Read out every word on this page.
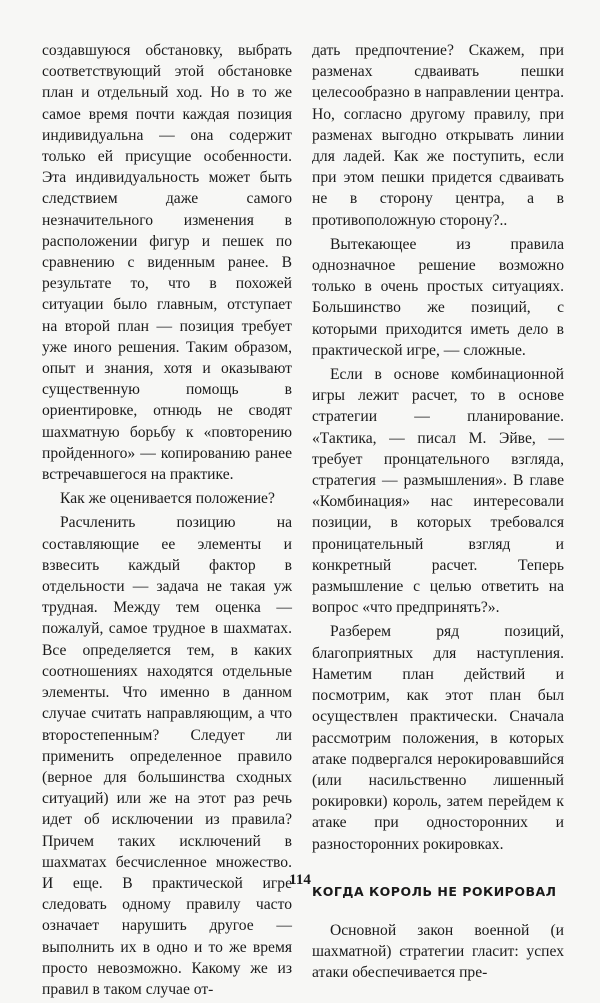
создавшуюся обстановку, выбрать соответствующий этой обстановке план и отдельный ход. Но в то же самое время почти каждая позиция индивидуальна — она содержит только ей присущие особенности. Эта индивидуальность может быть следствием даже самого незначительного изменения в расположении фигур и пешек по сравнению с виденным ранее. В результате то, что в похожей ситуации было главным, отступает на второй план — позиция требует уже иного решения. Таким образом, опыт и знания, хотя и оказывают существенную помощь в ориентировке, отнюдь не сводят шахматную борьбу к «повторению пройденного» — копированию ранее встречавшегося на практике.

Как же оценивается положение?

Расчленить позицию на составляющие ее элементы и взвесить каждый фактор в отдельности — задача не такая уж трудная. Между тем оценка — пожалуй, самое трудное в шахматах. Все определяется тем, в каких соотношениях находятся отдельные элементы. Что именно в данном случае считать направляющим, а что второстепенным? Следует ли применить определенное правило (верное для большинства сходных ситуаций) или же на этот раз речь идет об исключении из правила? Причем таких исключений в шахматах бесчисленное множество. И еще. В практической игре следовать одному правилу часто означает нарушить другое — выполнить их в одно и то же время просто невозможно. Какому же из правил в таком случае от-

дать предпочтение? Скажем, при разменах сдваивать пешки целесообразно в направлении центра. Но, согласно другому правилу, при разменах выгодно открывать линии для ладей. Как же поступить, если при этом пешки придется сдваивать не в сторону центра, а в противоположную сторону?..

Вытекающее из правила однозначное решение возможно только в очень простых ситуациях. Большинство же позиций, с которыми приходится иметь дело в практической игре, — сложные.

Если в основе комбинационной игры лежит расчет, то в основе стратегии — планирование. «Тактика, — писал М. Эйве, — требует пронцательного взгляда, стратегия — размышления». В главе «Комбинация» нас интересовали позиции, в которых требовался проницательный взгляд и конкретный расчет. Теперь размышление с целью ответить на вопрос «что предпринять?».

Разберем ряд позиций, благоприятных для наступления. Наметим план действий и посмотрим, как этот план был осуществлен практически. Сначала рассмотрим положения, в которых атаке подвергался нерокировавшийся (или насильственно лишенный рокировки) король, затем перейдем к атаке при односторонних и разносторонних рокировках.

КОГДА КОРОЛЬ НЕ РОКИРОВАЛ

Основной закон военной (и шахматной) стратегии гласит: успех атаки обеспечивается пре-

114
